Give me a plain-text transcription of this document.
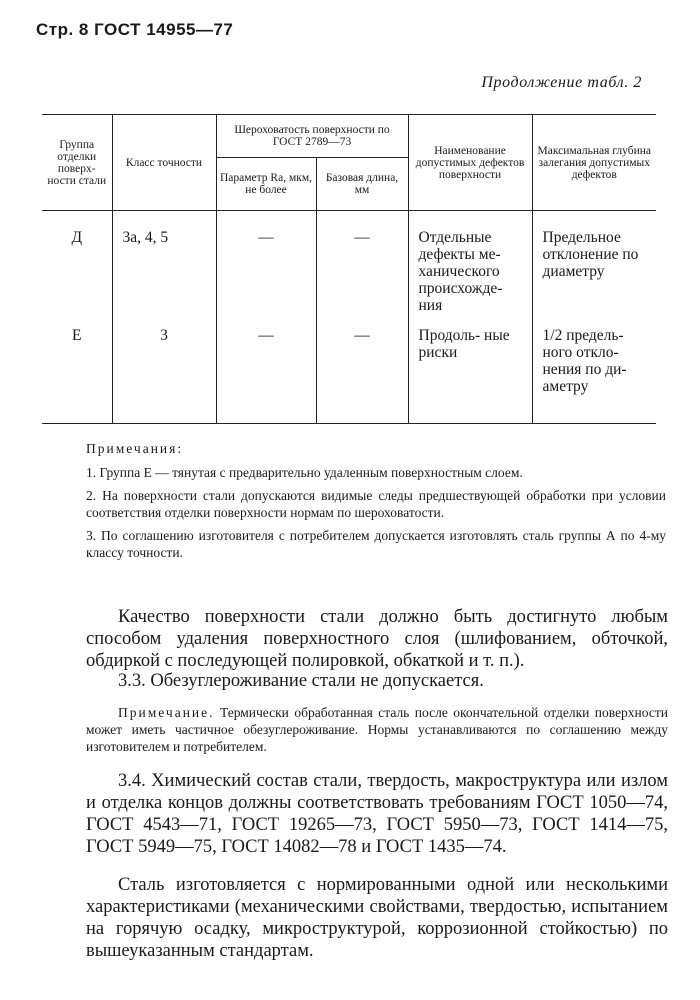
Стр. 8 ГОСТ 14955—77
Продолжение табл. 2
Группа отделки поверх- ности стали	Класс точности	Шероховатость поверхности по ГОСТ 2789—73		Наименование допустимых дефектов поверхности	Максимальная глубина залегания допустимых дефектов
		Параметр Ra, мкм, не более	Базовая длина, мм		
Д	3а, 4, 5	—	—	Отдельные дефекты ме- ханического происхожде- ния	Предельное отклонение по диаметру
Е	3	—	—	Продоль- ные риски	1/2 предель- ного откло- нения по ди- аметру
Примечания:

1. Группа Е — тянутая с предварительно удаленным поверхностным слоем.

2. На поверхности стали допускаются видимые следы предшествующей обработки при условии соответствия отделки поверхности нормам по шероховатости.

3. По соглашению изготовителя с потребителем допускается изготовлять сталь группы А по 4-му классу точности.

Качество поверхности стали должно быть достигнуто любым способом удаления поверхностного слоя (шлифованием, обточкой, обдиркой с последующей полировкой, обкаткой и т. п.).
3.3. Обезуглероживание стали не допускается.
Примечание. Термически обработанная сталь после окончательной отделки поверхности может иметь частичное обезуглероживание. Нормы устанавливаются по соглашению между изготовителем и потребителем.
3.4. Химический состав стали, твердость, макроструктура или излом и отделка концов должны соответствовать требованиям ГОСТ 1050—74, ГОСТ 4543—71, ГОСТ 19265—73, ГОСТ 5950—73, ГОСТ 1414—75, ГОСТ 5949—75, ГОСТ 14082—78 и ГОСТ 1435—74.
Сталь изготовляется с нормированными одной или несколькими характеристиками (механическими свойствами, твердостью, испытанием на горячую осадку, микроструктурой, коррозионной стойкостью) по вышеуказанным стандартам.
